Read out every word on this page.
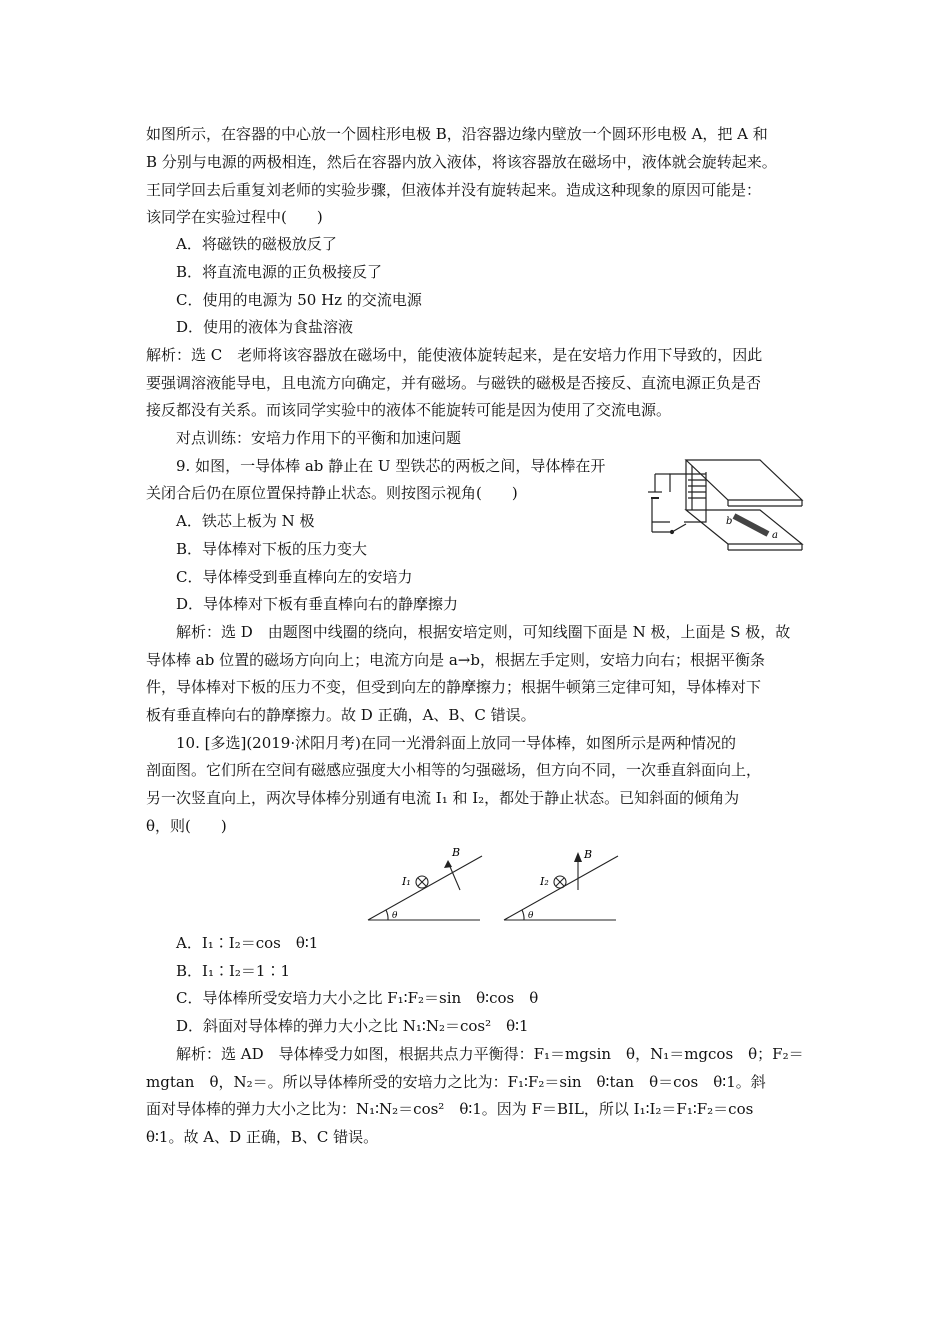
如图所示，在容器的中心放一个圆柱形电极 B，沿容器边缘内壁放一个圆环形电极 A，把 A 和
B 分别与电源的两极相连，然后在容器内放入液体，将该容器放在磁场中，液体就会旋转起来。
王同学回去后重复刘老师的实验步骤，但液体并没有旋转起来。造成这种现象的原因可能是：
该同学在实验过程中(　　)
A．将磁铁的磁极放反了
B．将直流电源的正负极接反了
C．使用的电源为 50 Hz 的交流电源
D．使用的液体为食盐溶液
解析：选 C　老师将该容器放在磁场中，能使液体旋转起来，是在安培力作用下导致的，因此
要强调溶液能导电，且电流方向确定，并有磁场。与磁铁的磁极是否接反、直流电源正负是否
接反都没有关系。而该同学实验中的液体不能旋转可能是因为使用了交流电源。
对点训练：安培力作用下的平衡和加速问题
9. 如图，一导体棒 ab 静止在 U 型铁芯的两板之间，导体棒在开
关闭合后仍在原位置保持静止状态。则按图示视角(　　)
A．铁芯上板为 N 极
B．导体棒对下板的压力变大
C．导体棒受到垂直棒向左的安培力
D．导体棒对下板有垂直棒向右的静摩擦力
解析：选 D　由题图中线圈的绕向，根据安培定则，可知线圈下面是 N 极，上面是 S 极，故
导体棒 ab 位置的磁场方向向上；电流方向是 a→b，根据左手定则，安培力向右；根据平衡条
件，导体棒对下板的压力不变，但受到向左的静摩擦力；根据牛顿第三定律可知，导体棒对下
板有垂直棒向右的静摩擦力。故 D 正确，A、B、C 错误。
10. [多选](2019·沭阳月考)在同一光滑斜面上放同一导体棒，如图所示是两种情况的
剖面图。它们所在空间有磁感应强度大小相等的匀强磁场，但方向不同，一次垂直斜面向上，
另一次竖直向上，两次导体棒分别通有电流 I₁ 和 I₂，都处于静止状态。已知斜面的倾角为
θ，则(　　)
A．I₁∶I₂＝cos　θ∶1
B．I₁∶I₂＝1∶1
C．导体棒所受安培力大小之比 F₁∶F₂＝sin　θ∶cos　θ
D．斜面对导体棒的弹力大小之比 N₁∶N₂＝cos²　θ∶1
解析：选 AD　导体棒受力如图，根据共点力平衡得：F₁＝mgsin　θ，N₁＝mgcos　θ；F₂＝
mgtan　θ，N₂＝。所以导体棒所受的安培力之比为：F₁∶F₂＝sin　θ∶tan　θ＝cos　θ∶1。斜
面对导体棒的弹力大小之比为：N₁∶N₂＝cos²　θ∶1。因为 F＝BIL，所以 I₁∶I₂＝F₁∶F₂＝cos
θ∶1。故 A、D 正确，B、C 错误。
b
a
I₁
B
θ
I₂
B
θ
